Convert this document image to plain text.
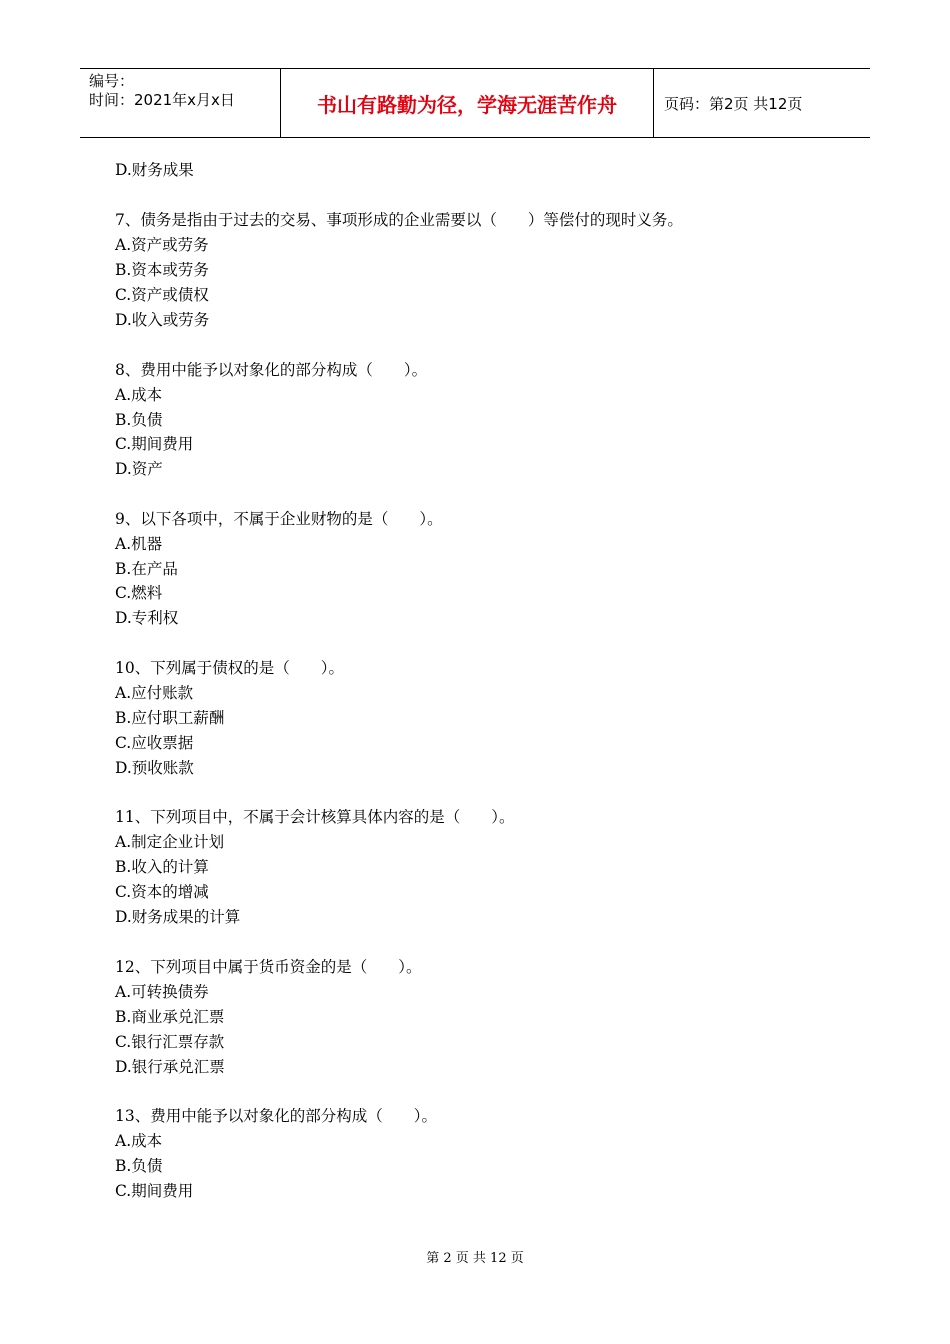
编号：
时间：2021年x月x日	书山有路勤为径，学海无涯苦作舟	页码：第2页 共12页
D.财务成果
7、债务是指由于过去的交易、事项形成的企业需要以（　　）等偿付的现时义务。
A.资产或劳务
B.资本或劳务
C.资产或债权
D.收入或劳务
8、费用中能予以对象化的部分构成（　　）。
A.成本
B.负债
C.期间费用
D.资产
9、以下各项中，不属于企业财物的是（　　）。
A.机器
B.在产品
C.燃料
D.专利权
10、下列属于债权的是（　　）。
A.应付账款
B.应付职工薪酬
C.应收票据
D.预收账款
11、下列项目中，不属于会计核算具体内容的是（　　）。
A.制定企业计划
B.收入的计算
C.资本的增减
D.财务成果的计算
12、下列项目中属于货币资金的是（　　）。
A.可转换债券
B.商业承兑汇票
C.银行汇票存款
D.银行承兑汇票
13、费用中能予以对象化的部分构成（　　）。
A.成本
B.负债
C.期间费用
第 2 页 共 12 页
